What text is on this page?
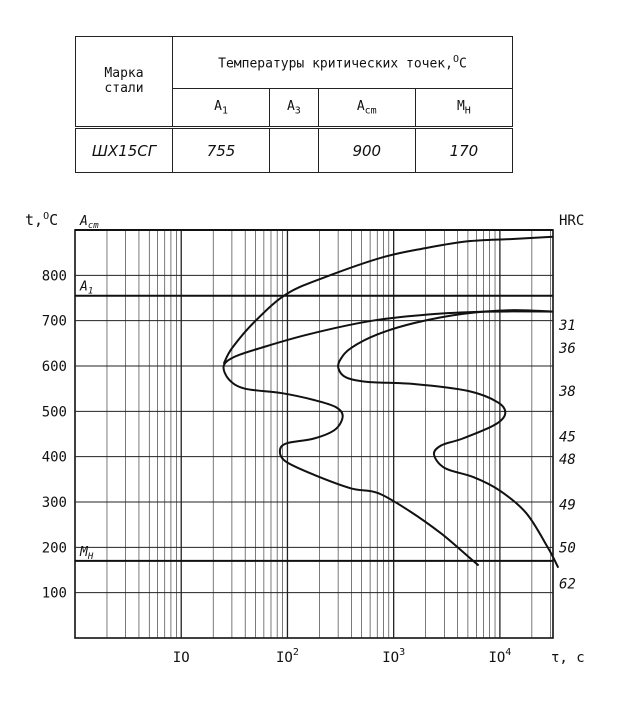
Марка
стали	Температуры критических точек,$^O$C			
	$A_1$	$A_3$	$A_{cm}$	$M_Н$
ШХ15СГ	755		900	170
100
200
300
400
500
600
700
800
t,$^O$C
IO	$IO^2$	$IO^3$	$IO^4$	τ, c
$A_{cm}$
$A_1$
$M_H$
HRC
31
36
38
45
48
49
50
62
